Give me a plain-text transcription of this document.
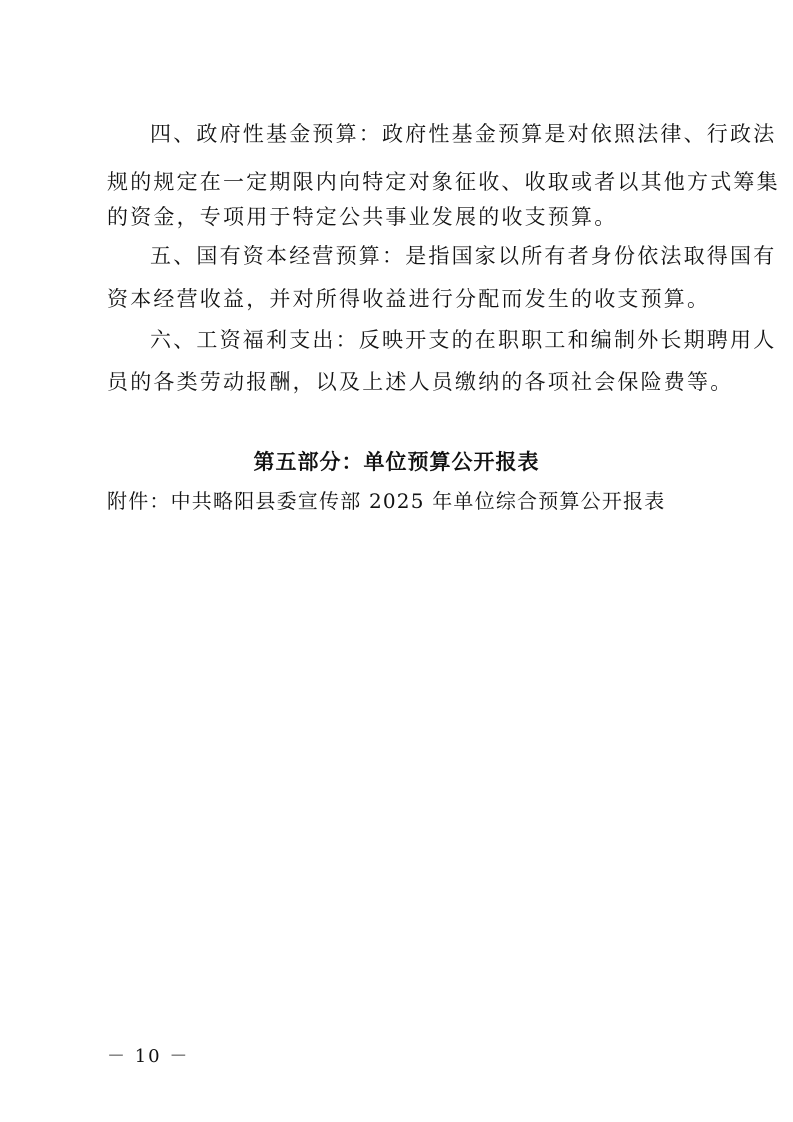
四、政府性基金预算：政府性基金预算是对依照法律、行政法
规的规定在一定期限内向特定对象征收、收取或者以其他方式筹集
的资金，专项用于特定公共事业发展的收支预算。
五、国有资本经营预算：是指国家以所有者身份依法取得国有
资本经营收益，并对所得收益进行分配而发生的收支预算。
六、工资福利支出：反映开支的在职职工和编制外长期聘用人
员的各类劳动报酬，以及上述人员缴纳的各项社会保险费等。
第五部分：单位预算公开报表
附件：中共略阳县委宣传部 2025 年单位综合预算公开报表
－ 10 －
